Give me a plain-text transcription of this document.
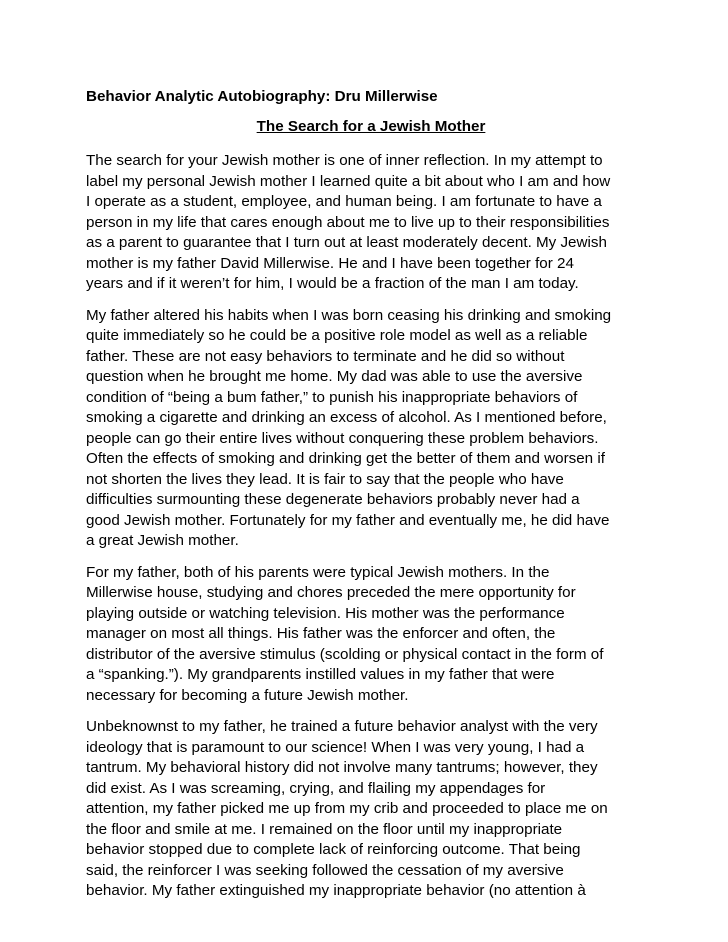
Behavior Analytic Autobiography: Dru Millerwise

The Search for a Jewish Mother

The search for your Jewish mother is one of inner reflection. In my attempt to
label my personal Jewish mother I learned quite a bit about who I am and how
I operate as a student, employee, and human being. I am fortunate to have a
person in my life that cares enough about me to live up to their responsibilities
as a parent to guarantee that I turn out at least moderately decent. My Jewish
mother is my father David Millerwise. He and I have been together for 24
years and if it weren’t for him, I would be a fraction of the man I am today.

My father altered his habits when I was born ceasing his drinking and smoking
quite immediately so he could be a positive role model as well as a reliable
father. These are not easy behaviors to terminate and he did so without
question when he brought me home. My dad was able to use the aversive
condition of “being a bum father,” to punish his inappropriate behaviors of
smoking a cigarette and drinking an excess of alcohol. As I mentioned before,
people can go their entire lives without conquering these problem behaviors.
Often the effects of smoking and drinking get the better of them and worsen if
not shorten the lives they lead. It is fair to say that the people who have
difficulties surmounting these degenerate behaviors probably never had a
good Jewish mother. Fortunately for my father and eventually me, he did have
a great Jewish mother.

For my father, both of his parents were typical Jewish mothers. In the
Millerwise house, studying and chores preceded the mere opportunity for
playing outside or watching television. His mother was the performance
manager on most all things. His father was the enforcer and often, the
distributor of the aversive stimulus (scolding or physical contact in the form of
a “spanking.”). My grandparents instilled values in my father that were
necessary for becoming a future Jewish mother.

Unbeknownst to my father, he trained a future behavior analyst with the very
ideology that is paramount to our science! When I was very young, I had a
tantrum. My behavioral history did not involve many tantrums; however, they
did exist. As I was screaming, crying, and flailing my appendages for
attention, my father picked me up from my crib and proceeded to place me on
the floor and smile at me. I remained on the floor until my inappropriate
behavior stopped due to complete lack of reinforcing outcome. That being
said, the reinforcer I was seeking followed the cessation of my aversive
behavior. My father extinguished my inappropriate behavior (no attention à
